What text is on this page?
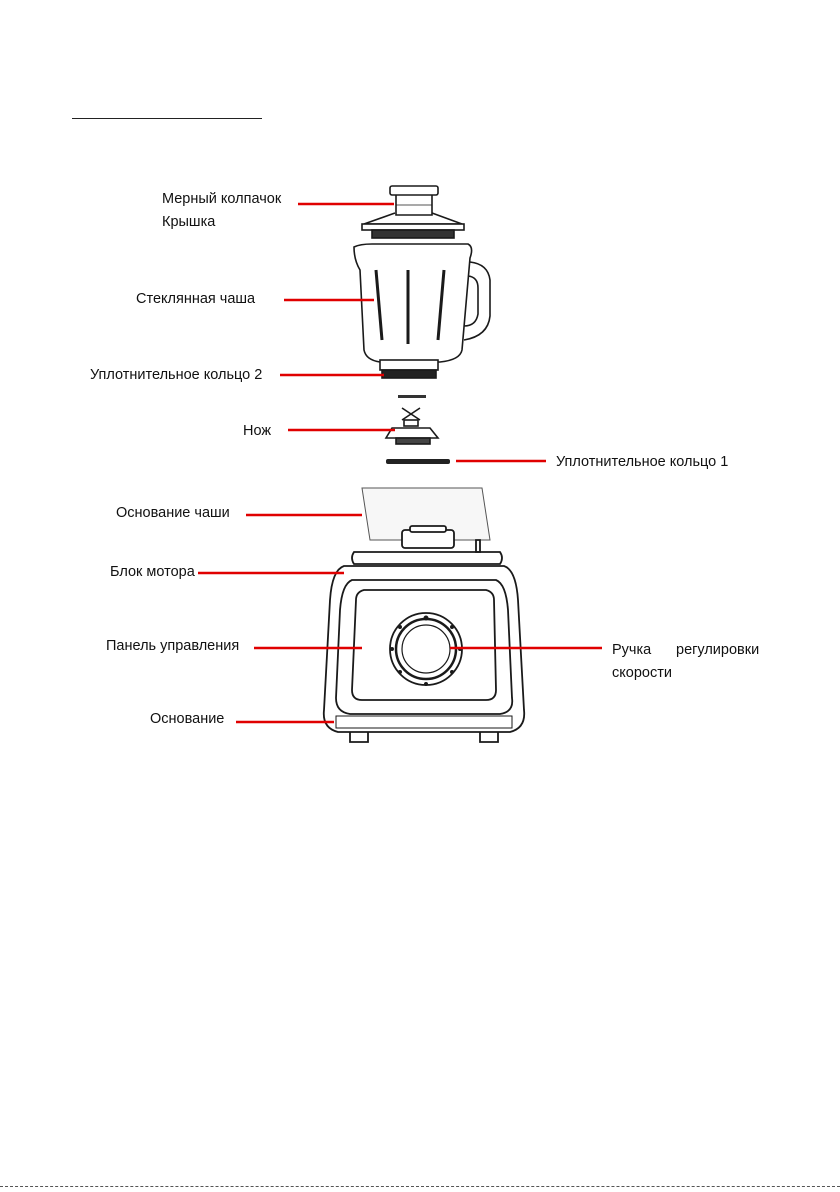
Мерный колпачок
Крышка
Стеклянная чаша
Уплотнительное кольцо 2
Нож
Уплотнительное кольцо 1
Основание чаши
Блок мотора
Панель управления	Ручка регулировки
скорости
Основание
